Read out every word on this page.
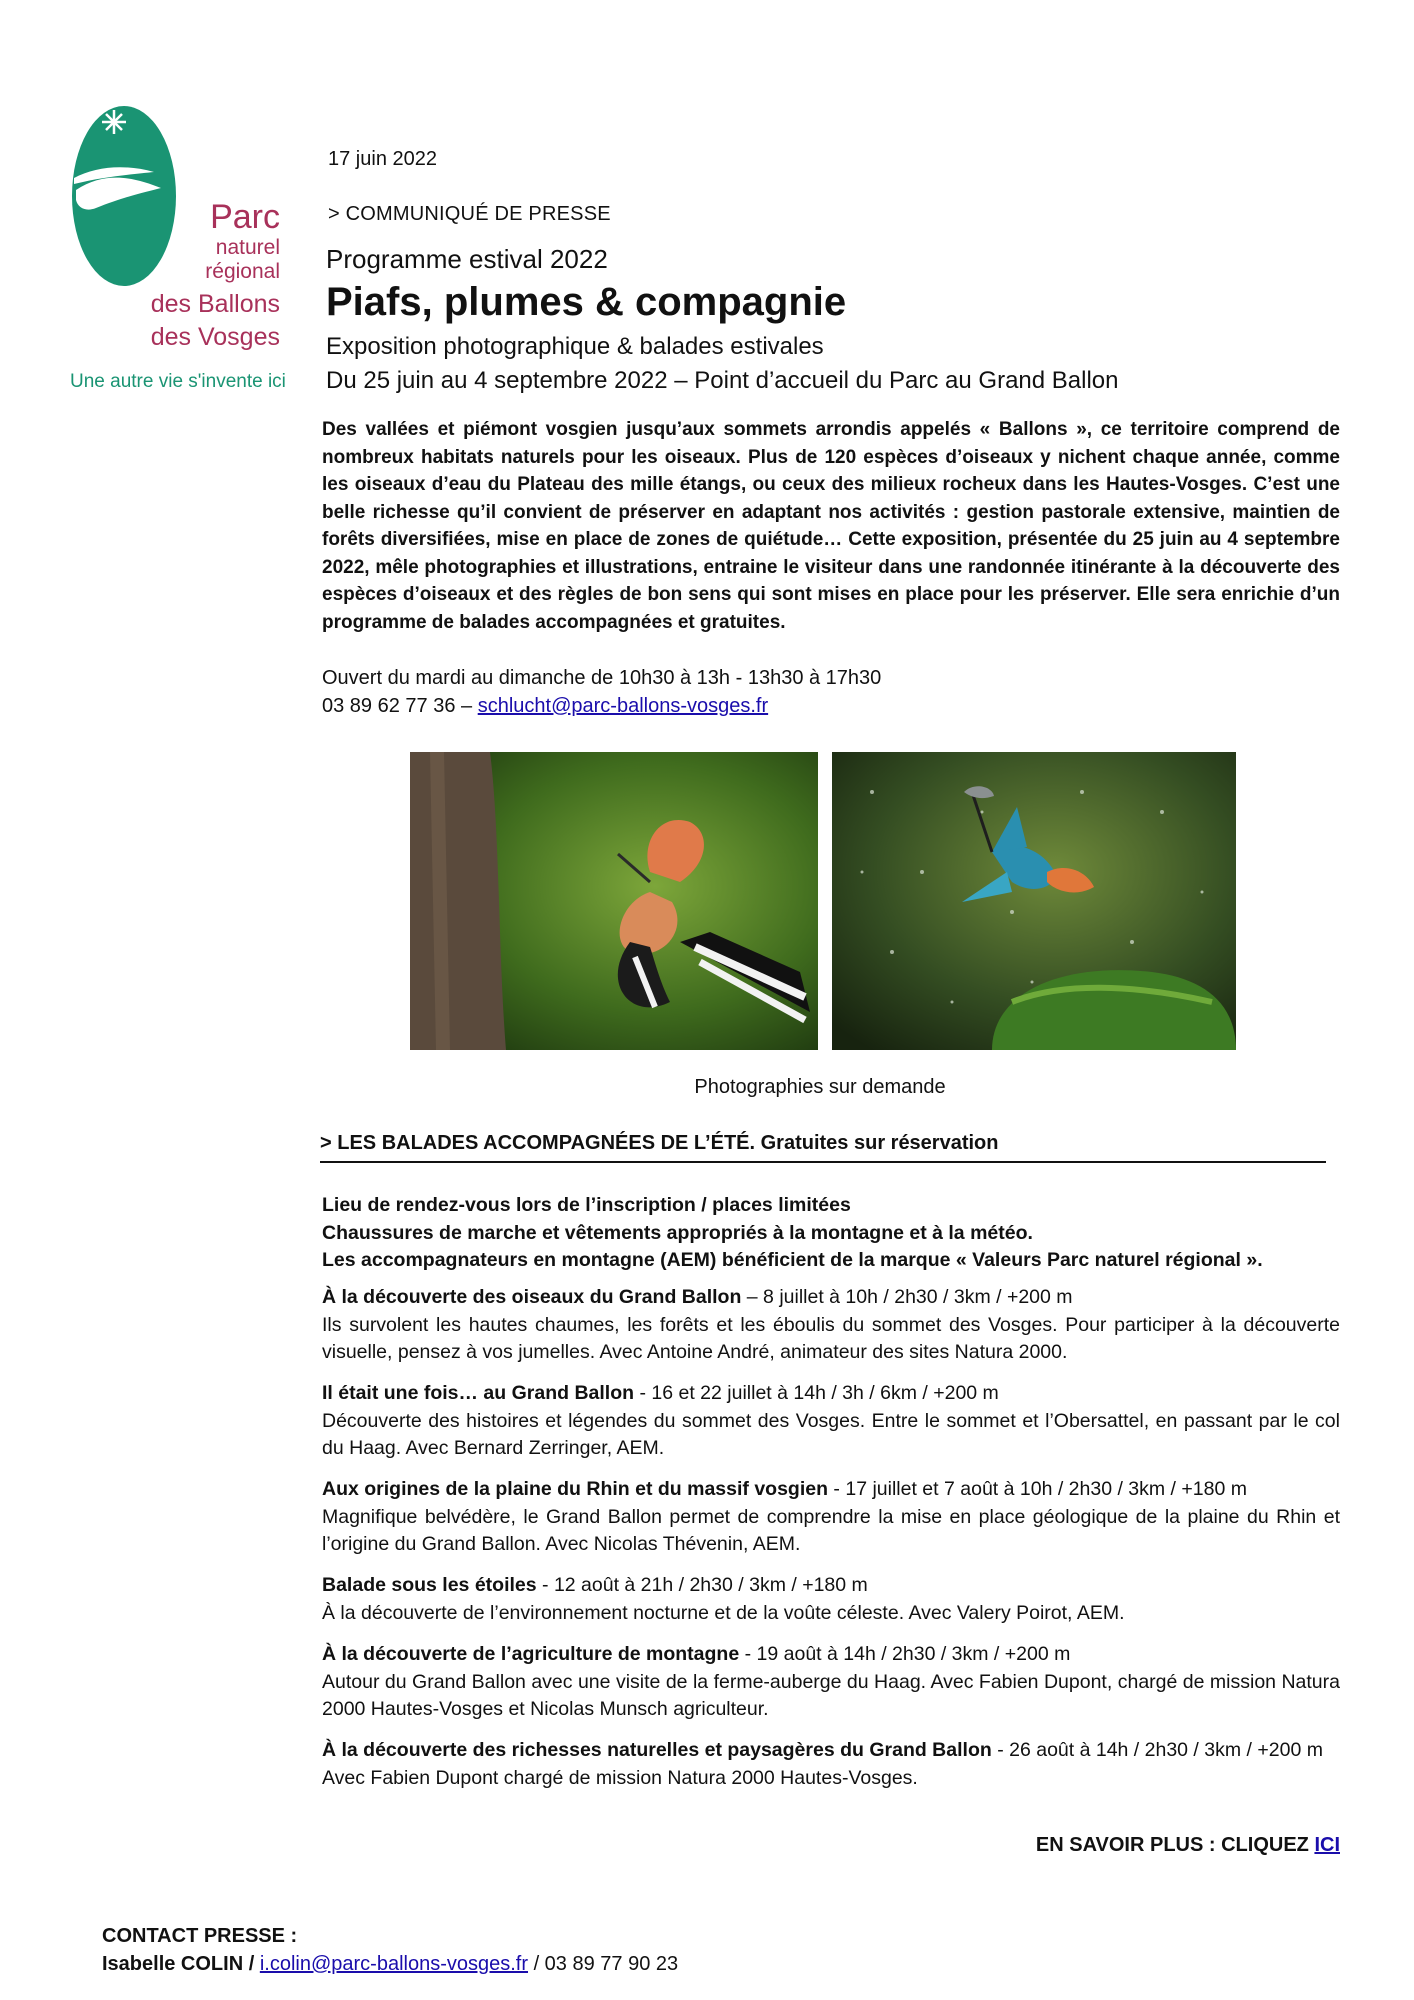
Parc
naturel
régional
des Ballons
des Vosges
Une autre vie s'invente ici
17 juin 2022
> COMMUNIQUÉ DE PRESSE
Programme estival 2022
Piafs, plumes & compagnie
Exposition photographique & balades estivales
Du 25 juin au 4 septembre 2022 – Point d’accueil du Parc au Grand Ballon
Des vallées et piémont vosgien jusqu’aux sommets arrondis appelés « Ballons », ce territoire comprend de nombreux habitats naturels pour les oiseaux. Plus de 120 espèces d’oiseaux y nichent chaque année, comme les oiseaux d’eau du Plateau des mille étangs, ou ceux des milieux rocheux dans les Hautes-Vosges. C’est une belle richesse qu’il convient de préserver en adaptant nos activités : gestion pastorale extensive, maintien de forêts diversifiées, mise en place de zones de quiétude… Cette exposition, présentée du 25 juin au 4 septembre 2022, mêle photographies et illustrations, entraine le visiteur dans une randonnée itinérante à la découverte des espèces d’oiseaux et des règles de bon sens qui sont mises en place pour les préserver. Elle sera enrichie d’un programme de balades accompagnées et gratuites.
Ouvert du mardi au dimanche de 10h30 à 13h - 13h30 à 17h30
03 89 62 77 36 – schlucht@parc-ballons-vosges.fr
Photographies sur demande
> LES BALADES ACCOMPAGNÉES DE L’ÉTÉ. Gratuites sur réservation
Lieu de rendez-vous lors de l’inscription / places limitées
Chaussures de marche et vêtements appropriés à la montagne et à la météo.
Les accompagnateurs en montagne (AEM) bénéficient de la marque « Valeurs Parc naturel régional ».
À la découverte des oiseaux du Grand Ballon – 8 juillet à 10h / 2h30 / 3km / +200 m
Ils survolent les hautes chaumes, les forêts et les éboulis du sommet des Vosges. Pour participer à la découverte visuelle, pensez à vos jumelles. Avec Antoine André, animateur des sites Natura 2000.
Il était une fois… au Grand Ballon - 16 et 22 juillet à 14h / 3h / 6km / +200 m
Découverte des histoires et légendes du sommet des Vosges. Entre le sommet et l’Obersattel, en passant par le col du Haag. Avec Bernard Zerringer, AEM.
Aux origines de la plaine du Rhin et du massif vosgien - 17 juillet et 7 août à 10h / 2h30 / 3km / +180 m
Magnifique belvédère, le Grand Ballon permet de comprendre la mise en place géologique de la plaine du Rhin et l’origine du Grand Ballon. Avec Nicolas Thévenin, AEM.
Balade sous les étoiles - 12 août à 21h / 2h30 / 3km / +180 m
À la découverte de l’environnement nocturne et de la voûte céleste. Avec Valery Poirot, AEM.
À la découverte de l’agriculture de montagne - 19 août à 14h / 2h30 / 3km / +200 m
Autour du Grand Ballon avec une visite de la ferme-auberge du Haag. Avec Fabien Dupont, chargé de mission Natura 2000 Hautes-Vosges et Nicolas Munsch agriculteur.
À la découverte des richesses naturelles et paysagères du Grand Ballon - 26 août à 14h / 2h30 / 3km / +200 m
Avec Fabien Dupont chargé de mission Natura 2000 Hautes-Vosges.
EN SAVOIR PLUS : CLIQUEZ ICI
CONTACT PRESSE :
Isabelle COLIN / i.colin@parc-ballons-vosges.fr / 03 89 77 90 23
